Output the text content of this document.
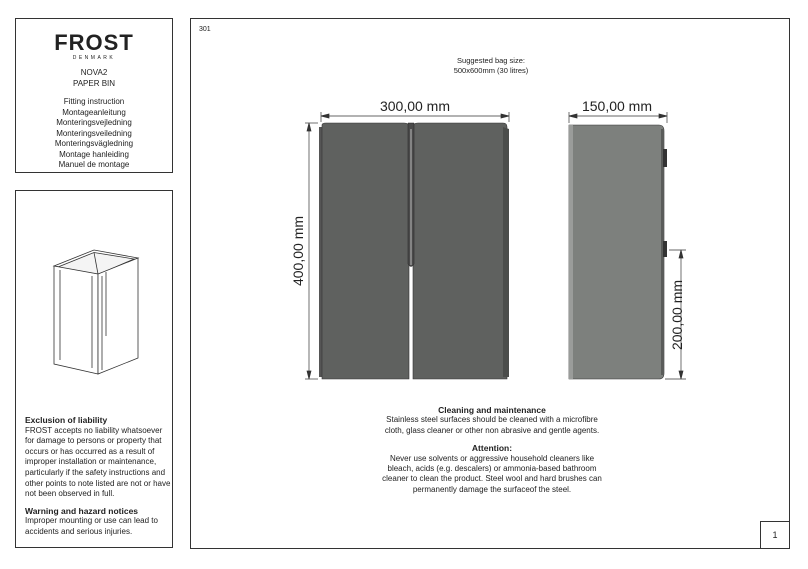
FROST
DENMARK
NOVA2
PAPER BIN
Fitting instruction
Montageanleitung
Monteringsvejledning
Monteringsveiledning
Monteringsvägledning
Montage hanleiding
Manuel de montage

Exclusion of liability

FROST accepts no liability whatsoever for damage to persons or property that occurs or has occurred as a result of improper installation or maintenance, particularly if the safety instructions and other points to note listed are not or have not been observed in full.

Warning and hazard notices

Improper mounting or use can lead to accidents and serious injuries.

301
Suggested bag size:
500x600mm (30 litres)
300,00 mm
400,00 mm
150,00 mm
200,00 mm

Cleaning and maintenance

Stainless steel surfaces should be cleaned with a microfibre cloth, glass cleaner or other non abrasive and gentle agents.

Attention:

Never use solvents or aggressive household cleaners like bleach, acids (e.g. descalers) or ammonia-based bathroom cleaner to clean the product. Steel wool and hard brushes can permanently damage the surfaceof the steel.

1
